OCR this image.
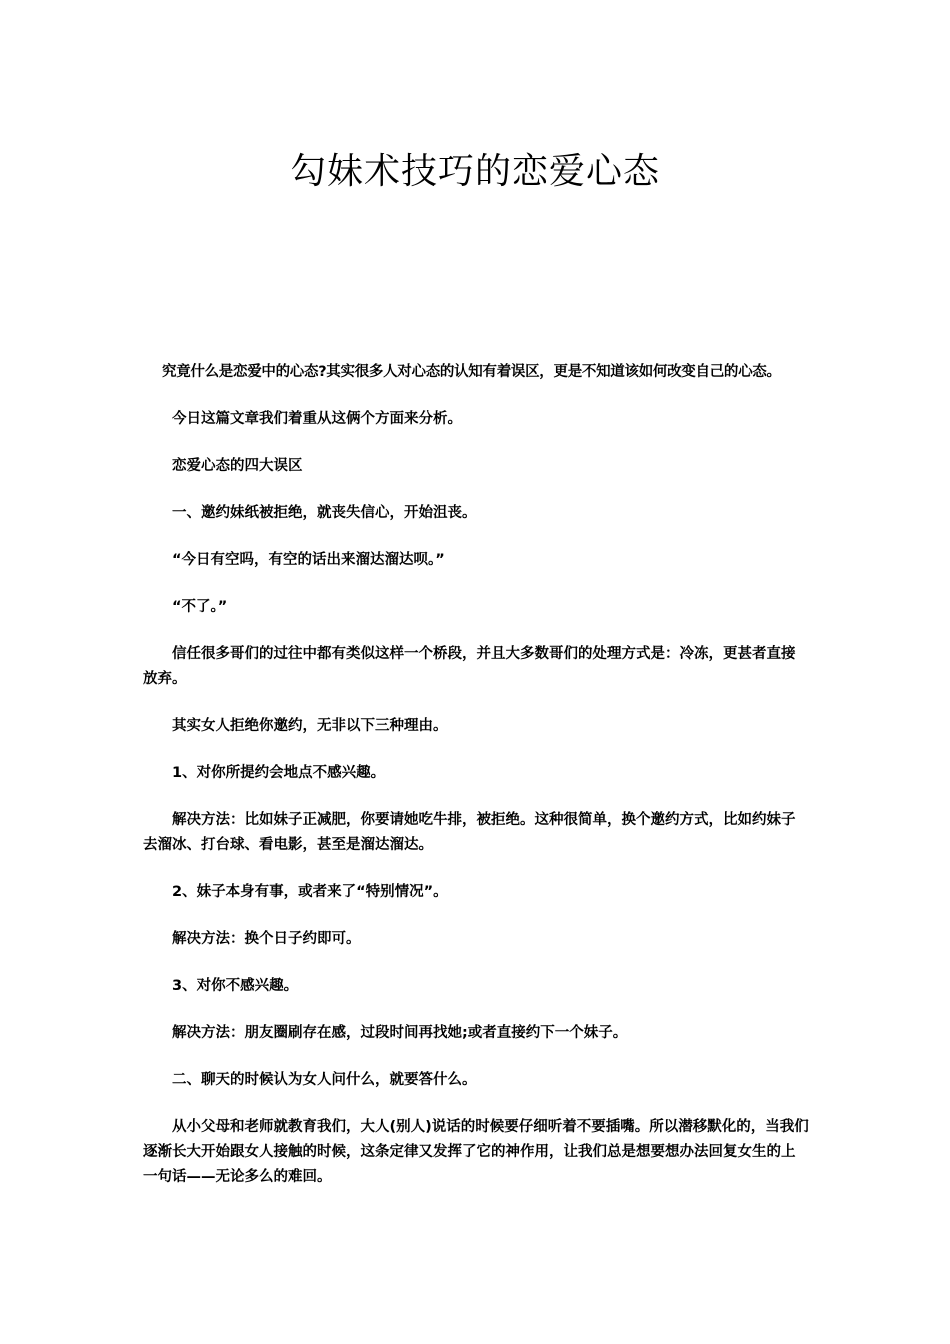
勾妹术技巧的恋爱心态

究竟什么是恋爱中的心态?其实很多人对心态的认知有着误区，更是不知道该如何改变自己的心态。

今日这篇文章我们着重从这俩个方面来分析。

恋爱心态的四大误区

一、邀约妹纸被拒绝，就丧失信心，开始沮丧。

“今日有空吗，有空的话出来溜达溜达呗。”

“不了。”

信任很多哥们的过往中都有类似这样一个桥段，并且大多数哥们的处理方式是：冷冻，更甚者直接放弃。

其实女人拒绝你邀约，无非以下三种理由。

1、对你所提约会地点不感兴趣。

解决方法：比如妹子正减肥，你要请她吃牛排，被拒绝。这种很简单，换个邀约方式，比如约妹子去溜冰、打台球、看电影，甚至是溜达溜达。

2、妹子本身有事，或者来了“特别情况”。

解决方法：换个日子约即可。

3、对你不感兴趣。

解决方法：朋友圈刷存在感，过段时间再找她;或者直接约下一个妹子。

二、聊天的时候认为女人问什么，就要答什么。

从小父母和老师就教育我们，大人(别人)说话的时候要仔细听着不要插嘴。所以潜移默化的，当我们逐渐长大开始跟女人接触的时候，这条定律又发挥了它的神作用，让我们总是想要想办法回复女生的上一句话——无论多么的难回。
